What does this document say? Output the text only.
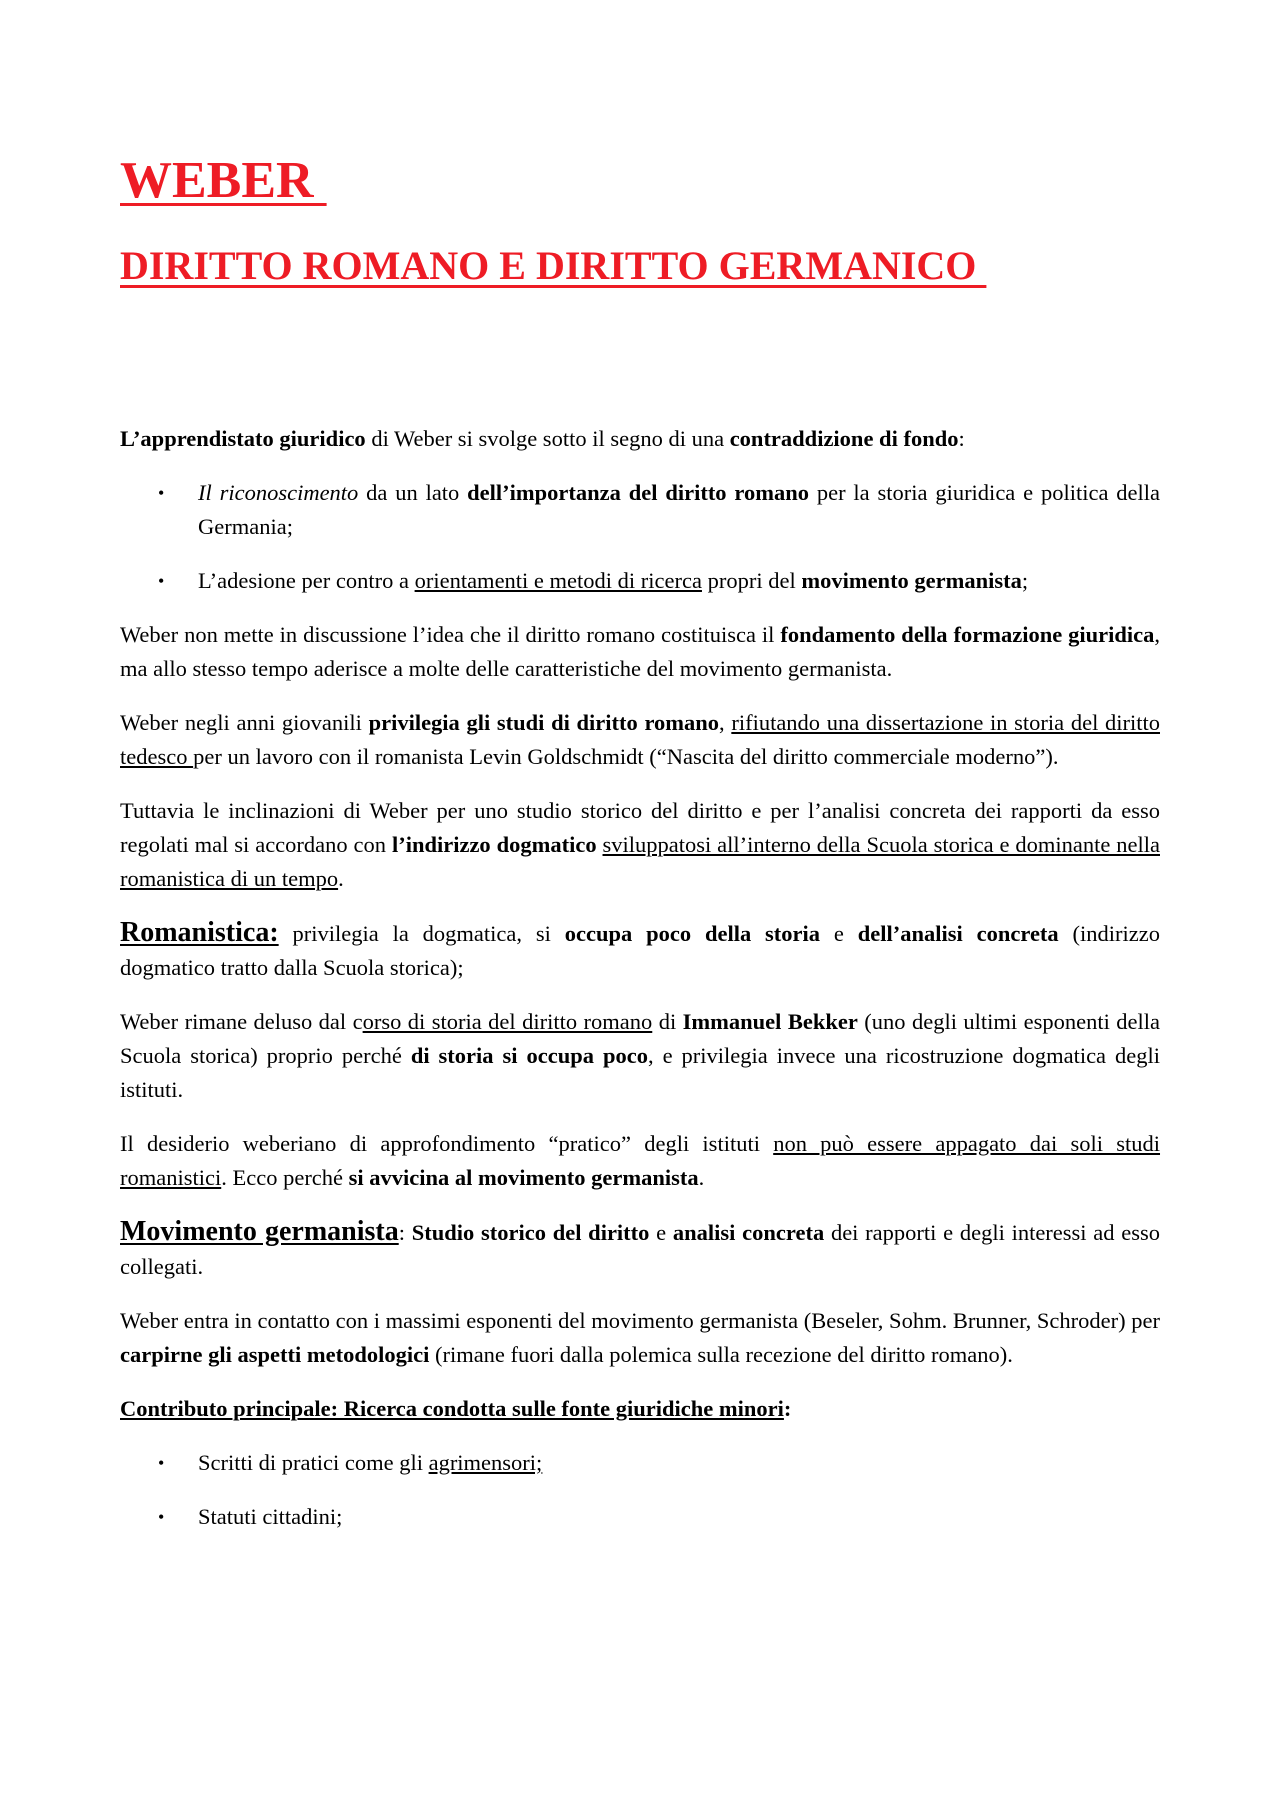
WEBER
DIRITTO ROMANO E DIRITTO GERMANICO

L’apprendistato giuridico di Weber si svolge sotto il segno di una contraddizione di fondo:

• Il riconoscimento da un lato dell’importanza del diritto romano per la storia giuridica e politica della Germania;
• L’adesione per contro a orientamenti e metodi di ricerca propri del movimento germanista;

Weber non mette in discussione l’idea che il diritto romano costituisca il fondamento della formazione giuridica, ma allo stesso tempo aderisce a molte delle caratteristiche del movimento germanista.

Weber negli anni giovanili privilegia gli studi di diritto romano, rifiutando una dissertazione in storia del diritto tedesco per un lavoro con il romanista Levin Goldschmidt (“Nascita del diritto commerciale moderno”).

Tuttavia le inclinazioni di Weber per uno studio storico del diritto e per l’analisi concreta dei rapporti da esso regolati mal si accordano con l’indirizzo dogmatico sviluppatosi all’interno della Scuola storica e dominante nella romanistica di un tempo.

Romanistica: privilegia la dogmatica, si occupa poco della storia e dell’analisi concreta (indirizzo dogmatico tratto dalla Scuola storica);

Weber rimane deluso dal corso di storia del diritto romano di Immanuel Bekker (uno degli ultimi esponenti della Scuola storica) proprio perché di storia si occupa poco, e privilegia invece una ricostruzione dogmatica degli istituti.

Il desiderio weberiano di approfondimento “pratico” degli istituti non può essere appagato dai soli studi romanistici. Ecco perché si avvicina al movimento germanista.

Movimento germanista: Studio storico del diritto e analisi concreta dei rapporti e degli interessi ad esso collegati.

Weber entra in contatto con i massimi esponenti del movimento germanista (Beseler, Sohm. Brunner, Schroder) per carpirne gli aspetti metodologici (rimane fuori dalla polemica sulla recezione del diritto romano).

Contributo principale: Ricerca condotta sulle fonte giuridiche minori:

• Scritti di pratici come gli agrimensori;
• Statuti cittadini;
